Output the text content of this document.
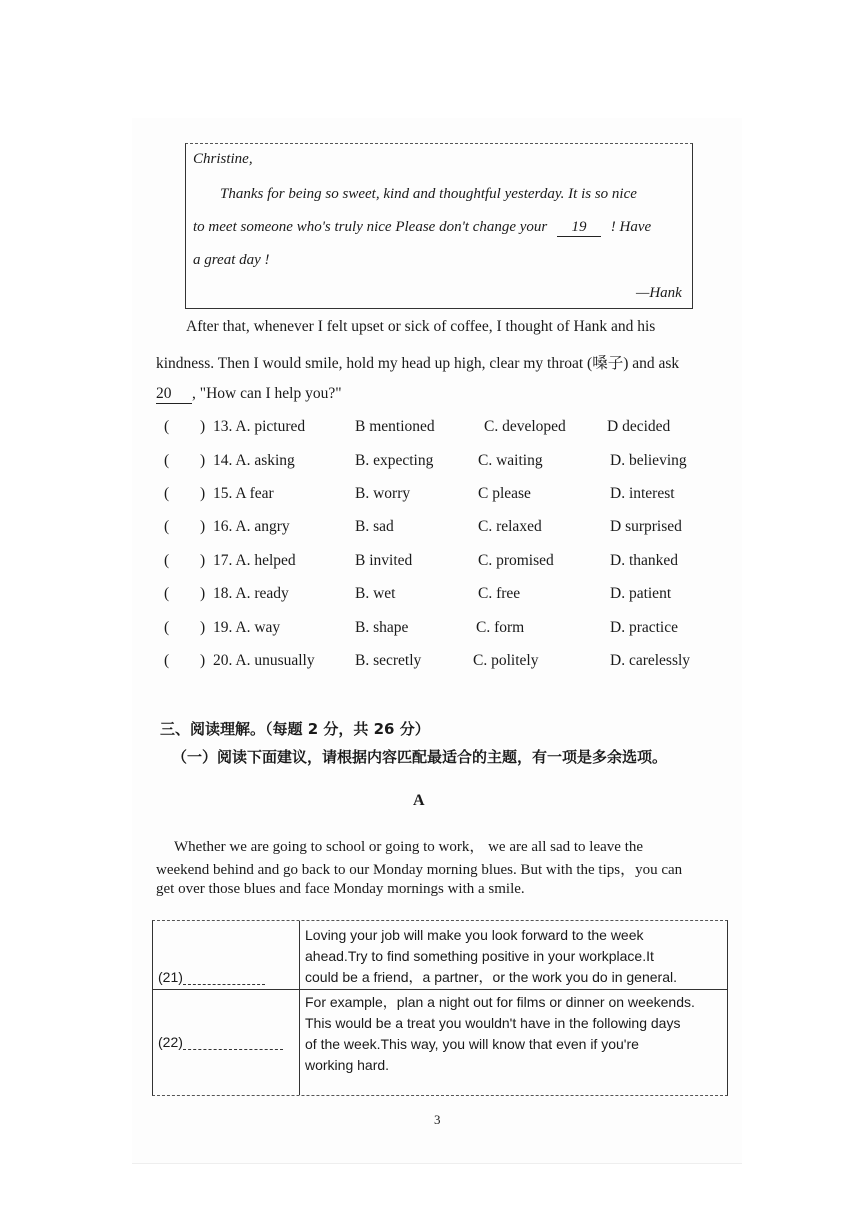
Christine,
Thanks for being so sweet, kind and thoughtful yesterday. It is so nice
to meet someone who's truly nice Please don't change your 19 ! Have
a great day !
—Hank
After that, whenever I felt upset or sick of coffee, I thought of Hank and his
kindness. Then I would smile, hold my head up high, clear my throat (嗓子) and ask
20 , "How can I help you?"
( ) 13. A. pictured	B mentioned	C. developed	D decided
( ) 14. A. asking	B. expecting	C. waiting	D. believing
( ) 15. A fear	B. worry	C please	D. interest
( ) 16. A. angry	B. sad	C. relaxed	D surprised
( ) 17. A. helped	B invited	C. promised	D. thanked
( ) 18. A. ready	B. wet	C. free	D. patient
( ) 19. A. way	B. shape	C. form	D. practice
( ) 20. A. unusually	B. secretly	C. politely	D. carelessly
三、阅读理解。（每题 2 分，共 26 分）
（一）阅读下面建议，请根据内容匹配最适合的主题，有一项是多余选项。
A
Whether we are going to school or going to work， we are all sad to leave the
weekend behind and go back to our Monday morning blues. But with the tips，you can
get over those blues and face Monday mornings with a smile.
(21)
Loving your job will make you look forward to the week
ahead.Try to find something positive in your workplace.It
could be a friend，a partner，or the work you do in general.
(22)
For example，plan a night out for films or dinner on weekends.
This would be a treat you wouldn't have in the following days
of the week.This way, you will know that even if you're
working hard.
3
